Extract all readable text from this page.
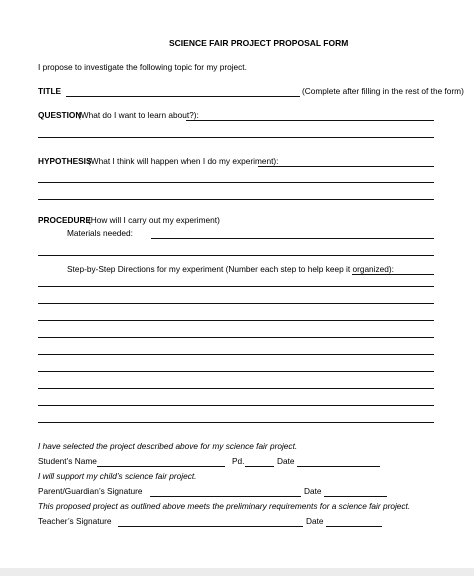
SCIENCE FAIR PROJECT PROPOSAL FORM
I propose to investigate the following topic for my project.
TITLE	(Complete after filling in the rest of the form)
QUESTION
(What do I want to learn about?):
HYPOTHESIS
(What I think will happen when I do my experiment):
PROCEDURE
(How will I carry out my experiment)
Materials needed:
Step-by-Step Directions for my experiment (Number each step to help keep it organized):
I have selected the project described above for my science fair project.
Student’s Name	Pd.	Date
I will support my child’s science fair project.
Parent/Guardian’s Signature	Date
This proposed project as outlined above meets the preliminary requirements for a science fair project.
Teacher’s Signature	Date
